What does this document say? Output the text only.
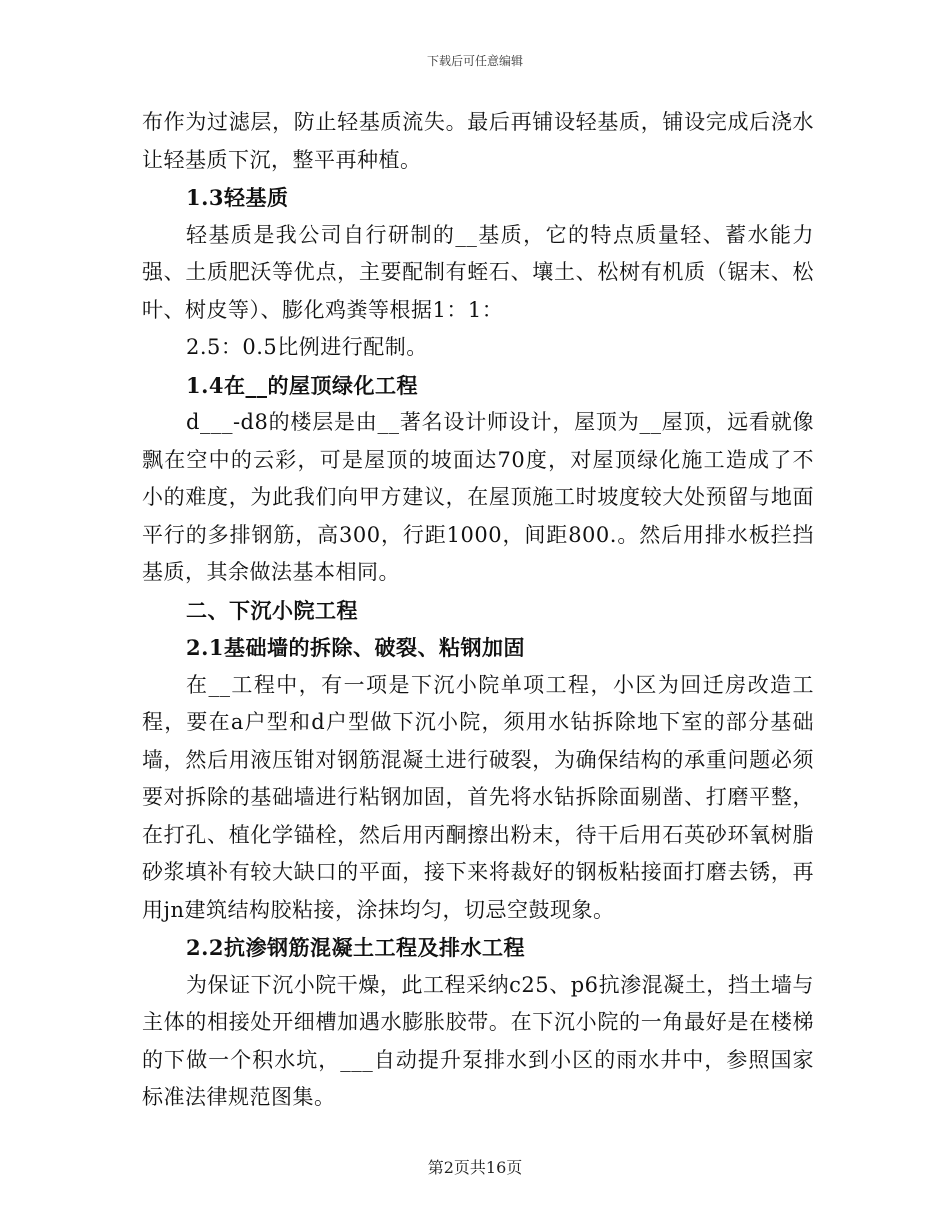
下载后可任意编辑

布作为过滤层，防止轻基质流失。最后再铺设轻基质，铺设完成后浇水让轻基质下沉，整平再种植。

1.3轻基质

轻基质是我公司自行研制的__基质，它的特点质量轻、蓄水能力强、土质肥沃等优点，主要配制有蛭石、壤土、松树有机质（锯末、松叶、树皮等）、膨化鸡粪等根据1：1：

2.5：0.5比例进行配制。

1.4在__的屋顶绿化工程

d___-d8的楼层是由__著名设计师设计，屋顶为__屋顶，远看就像飘在空中的云彩，可是屋顶的坡面达70度，对屋顶绿化施工造成了不小的难度，为此我们向甲方建议，在屋顶施工时坡度较大处预留与地面平行的多排钢筋，高300，行距1000，间距800.。然后用排水板拦挡基质，其余做法基本相同。

二、下沉小院工程

2.1基础墙的拆除、破裂、粘钢加固

在__工程中，有一项是下沉小院单项工程，小区为回迁房改造工程，要在a户型和d户型做下沉小院，须用水钻拆除地下室的部分基础墙，然后用液压钳对钢筋混凝土进行破裂，为确保结构的承重问题必须要对拆除的基础墙进行粘钢加固，首先将水钻拆除面剔凿、打磨平整，在打孔、植化学锚栓，然后用丙酮擦出粉末，待干后用石英砂环氧树脂砂浆填补有较大缺口的平面，接下来将裁好的钢板粘接面打磨去锈，再用jn建筑结构胶粘接，涂抹均匀，切忌空鼓现象。

2.2抗渗钢筋混凝土工程及排水工程

为保证下沉小院干燥，此工程采纳c25、p6抗渗混凝土，挡土墙与主体的相接处开细槽加遇水膨胀胶带。在下沉小院的一角最好是在楼梯的下做一个积水坑，___自动提升泵排水到小区的雨水井中，参照国家标准法律规范图集。

第2页共16页
